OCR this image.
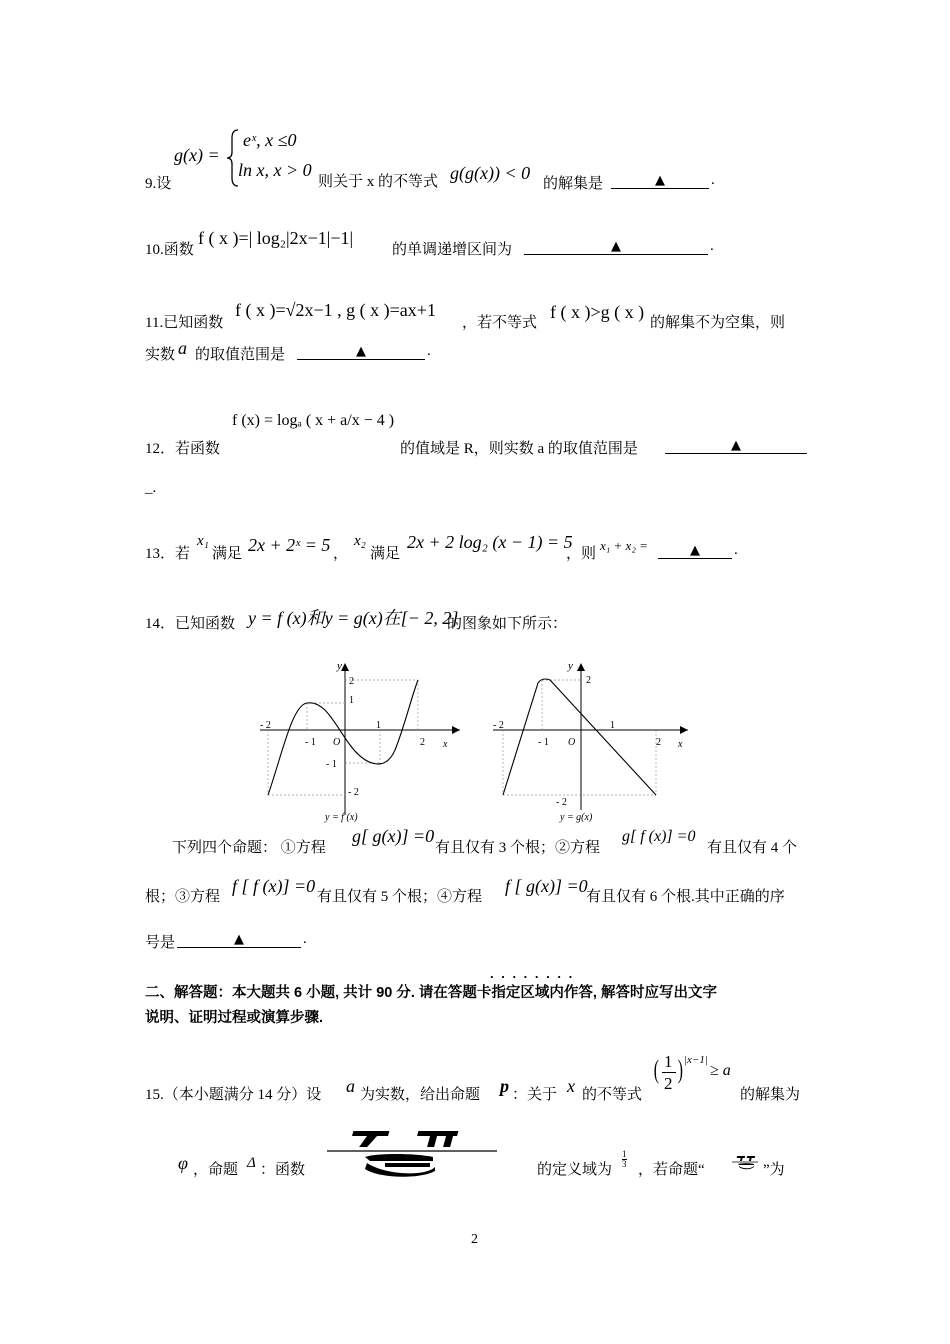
9.设
g(x) =
eˣ, x ≤0
ln x, x > 0
则关于 x 的不等式 g(g(x)) < 0
的解集是	▲	.
10.函数
f ( x )=| log₂|2x−1|−1|
的单调递增区间为	▲	.
11.已知函数
f ( x )=√2x−1 , g ( x )=ax+1
，若不等式
f ( x )>g ( x )
的解集不为空集，则
实数 a 的取值范围是	▲	.
12．若函数
f (x) = logₐ ( x + a/x − 4 )
的值域是 R，则实数 a 的取值范围是	▲
_.
13．若
x₁
满足 2x + 2ˣ = 5 ，
x₂
满足
2x + 2 log₂ (x − 1) = 5
，则
x₁ + x₂ =	▲	.
14．已知函数 y = f (x)和y = g(x)在[− 2, 2]
的图象如下所示：
y
2
1
- 2	1
- 1 O	2 x
- 1
- 2
y = f (x)
y
2
- 2	1
- 1 O	2 x
- 2
y = g(x)
下列四个命题： ①方程
g[ g(x)] =0
有且仅有 3 个根；②方程
g[ f (x)] =0
有且仅有 4 个
根；③方程
f [ f (x)] =0
有且仅有 5 个根；④方程
f [ g(x)] =0
有且仅有 6 个根.其中正确的序
号是	▲	.
. . . . . . . .
二、解答题：本大题共 6 小题, 共计 90 分. 请在答题卡指定区域内作答, 解答时应写出文字
说明、证明过程或演算步骤.
15.（本小题满分 14 分）设 a 为实数，给出命题 p ：关于 x 的不等式
( 1
2 ) |x−1|
≥ a
的解集为
φ ，命题 Δ ：函数	的定义域为
1
3 ，若命题“	”为
2
